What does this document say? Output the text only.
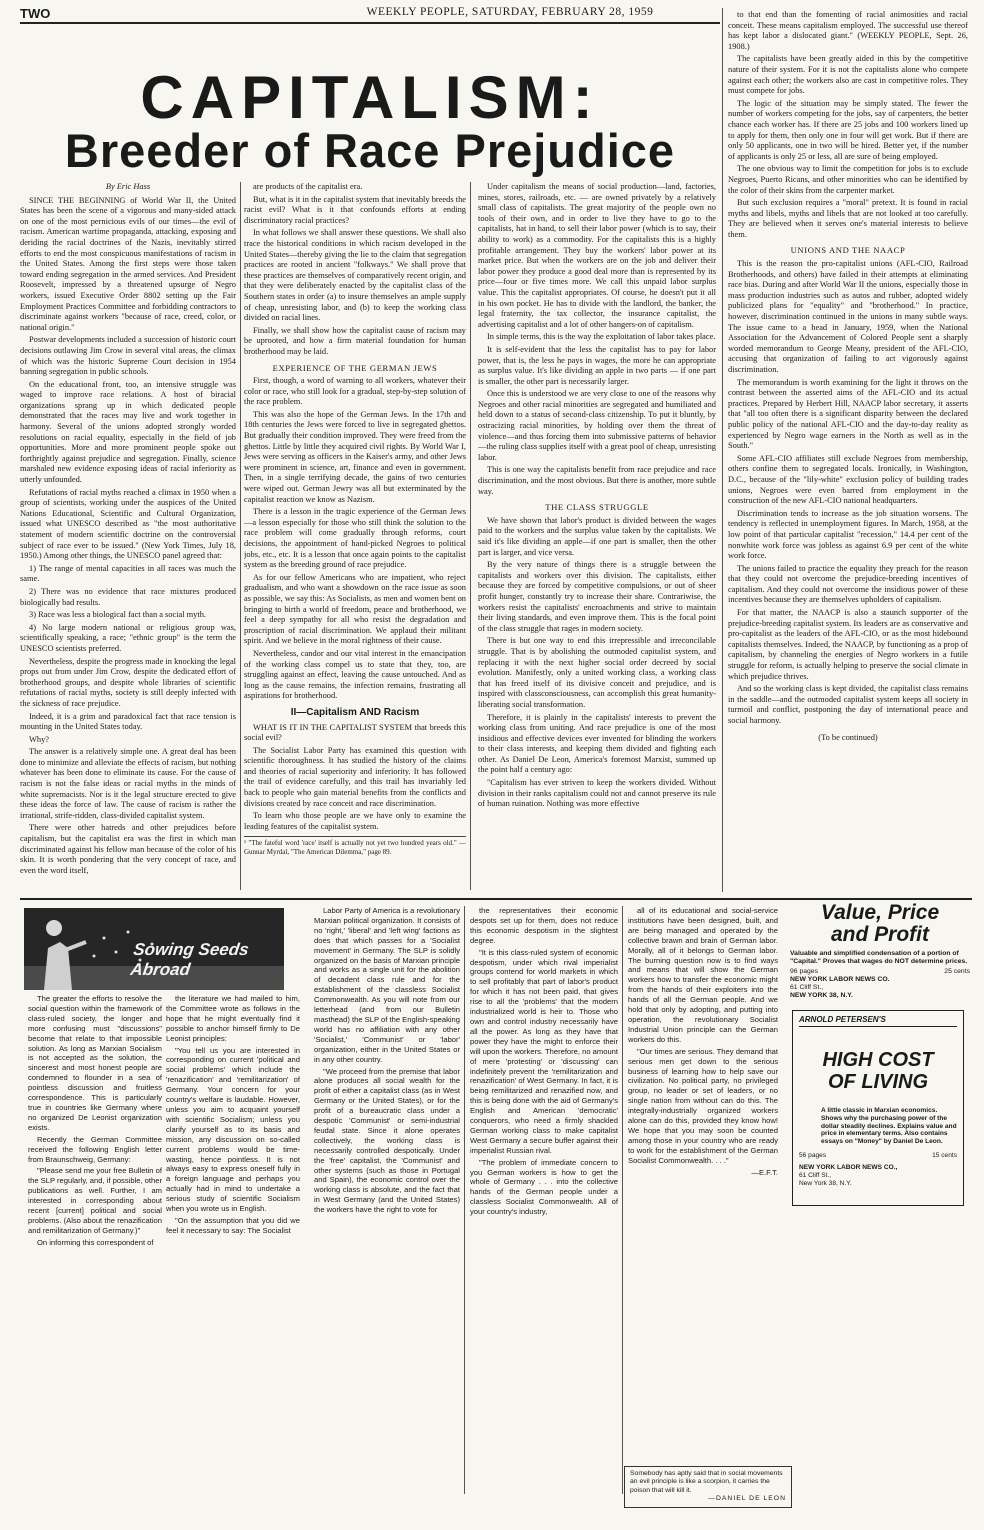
TWO	WEEKLY PEOPLE, SATURDAY, FEBRUARY 28, 1959
CAPITALISM:
Breeder of Race Prejudice

By Eric Hass

SINCE THE BEGINNING of World War II, the United States has been the scene of a vigorous and many-sided attack on one of the most pernicious evils of our times—the evil of racism. American wartime propaganda, attacking, exposing and deriding the racial doctrines of the Nazis, inevitably stirred efforts to end the most conspicuous manifestations of racism in the United States. Among the first steps were those taken toward ending segregation in the armed services. And President Roosevelt, impressed by a threatened upsurge of Negro workers, issued Executive Order 8802 setting up the Fair Employment Practices Committee and forbidding contractors to discriminate against workers "because of race, creed, color, or national origin."

Postwar developments included a succession of historic court decisions outlawing Jim Crow in several vital areas, the climax of which was the historic Supreme Court decision in 1954 banning segregation in public schools.

On the educational front, too, an intensive struggle was waged to improve race relations. A host of biracial organizations sprang up in which dedicated people demonstrated that the races may live and work together in harmony. Several of the unions adopted strongly worded resolutions on racial equality, especially in the field of job opportunities. More and more prominent people spoke out forthrightly against prejudice and segregation. Finally, science marshaled new evidence exposing ideas of racial inferiority as utterly unfounded.

Refutations of racial myths reached a climax in 1950 when a group of scientists, working under the auspices of the United Nations Educational, Scientific and Cultural Organization, issued what UNESCO described as "the most authoritative statement of modern scientific doctrine on the controversial subject of race ever to be issued." (New York Times, July 18, 1950.) Among other things, the UNESCO panel agreed that:

1) The range of mental capacities in all races was much the same.

2) There was no evidence that race mixtures produced biologically bad results.

3) Race was less a biological fact than a social myth.

4) No large modern national or religious group was, scientifically speaking, a race; "ethnic group" is the term the UNESCO scientists preferred.

Nevertheless, despite the progress made in knocking the legal props out from under Jim Crow, despite the dedicated effort of brotherhood groups, and despite whole libraries of scientific refutations of racial myths, society is still deeply infected with the sickness of race prejudice.

Indeed, it is a grim and paradoxical fact that race tension is mounting in the United States today.

Why?

The answer is a relatively simple one. A great deal has been done to minimize and alleviate the effects of racism, but nothing whatever has been done to eliminate its cause. For the cause of racism is not the false ideas or racial myths in the minds of white supremacists. Nor is it the legal structure erected to give these ideas the force of law. The cause of racism is rather the irrational, strife-ridden, class-divided capitalist system.

There were other hatreds and other prejudices before capitalism, but the capitalist era was the first in which man discriminated against his fellow man because of the color of his skin. It is worth pondering that the very concept of race, and even the word itself,

are products of the capitalist era.

But, what is it in the capitalist system that inevitably breeds the racist evil? What is it that confounds efforts at ending discriminatory racial practices?

In what follows we shall answer these questions. We shall also trace the historical conditions in which racism developed in the United States—thereby giving the lie to the claim that segregation practices are rooted in ancient "folkways." We shall prove that these practices are themselves of comparatively recent origin, and that they were deliberately enacted by the capitalist class of the Southern states in order (a) to insure themselves an ample supply of cheap, unresisting labor, and (b) to keep the working class divided on racial lines.

Finally, we shall show how the capitalist cause of racism may be uprooted, and how a firm material foundation for human brotherhood may be laid.

EXPERIENCE OF THE GERMAN JEWS

First, though, a word of warning to all workers, whatever their color or race, who still look for a gradual, step-by-step solution of the race problem.

This was also the hope of the German Jews. In the 17th and 18th centuries the Jews were forced to live in segregated ghettos. But gradually their condition improved. They were freed from the ghettos. Little by little they acquired civil rights. By World War I, Jews were serving as officers in the Kaiser's army, and other Jews were prominent in science, art, finance and even in government. Then, in a single terrifying decade, the gains of two centuries were wiped out. German Jewry was all but exterminated by the capitalist reaction we know as Nazism.

There is a lesson in the tragic experience of the German Jews—a lesson especially for those who still think the solution to the race problem will come gradually through reforms, court decisions, the appointment of hand-picked Negroes to political jobs, etc., etc. It is a lesson that once again points to the capitalist system as the breeding ground of race prejudice.

As for our fellow Americans who are impatient, who reject gradualism, and who want a showdown on the race issue as soon as possible, we say this: As Socialists, as men and women bent on bringing to birth a world of freedom, peace and brotherhood, we feel a deep sympathy for all who resist the degradation and proscription of racial discrimination. We applaud their militant spirit. And we believe in the moral rightness of their cause.

Nevertheless, candor and our vital interest in the emancipation of the working class compel us to state that they, too, are struggling against an effect, leaving the cause untouched. And as long as the cause remains, the infection remains, frustrating all aspirations for brotherhood.

II—Capitalism AND Racism

WHAT IS IT IN THE CAPITALIST SYSTEM that breeds this social evil?

The Socialist Labor Party has examined this question with scientific thoroughness. It has studied the history of the claims and theories of racial superiority and inferiority. It has followed the trail of evidence carefully, and this trail has invariably led back to people who gain material benefits from the conflicts and divisions created by race conceit and race discrimination.

To learn who those people are we have only to examine the leading features of the capitalist system.

¹ "The fateful word 'race' itself is actually not yet two hundred years old." — Gunnar Myrdal, "The American Dilemma," page 89.

Under capitalism the means of social production—land, factories, mines, stores, railroads, etc. — are owned privately by a relatively small class of capitalists. The great majority of the people own no tools of their own, and in order to live they have to go to the capitalists, hat in hand, to sell their labor power (which is to say, their ability to work) as a commodity. For the capitalists this is a highly profitable arrangement. They buy the workers' labor power at its market price. But when the workers are on the job and deliver their labor power they produce a good deal more than is represented by its price—four or five times more. We call this unpaid labor surplus value. This the capitalist appropriates. Of course, he doesn't put it all in his own pocket. He has to divide with the landlord, the banker, the legal fraternity, the tax collector, the insurance capitalist, the advertising capitalist and a lot of other hangers-on of capitalism.

In simple terms, this is the way the exploitation of labor takes place.

It is self-evident that the less the capitalist has to pay for labor power, that is, the less he pays in wages, the more he can appropriate as surplus value. It's like dividing an apple in two parts — if one part is smaller, the other part is necessarily larger.

Once this is understood we are very close to one of the reasons why Negroes and other racial minorities are segregated and humiliated and held down to a status of second-class citizenship. To put it bluntly, by ostracizing racial minorities, by holding over them the threat of violence—and thus forcing them into submissive patterns of behavior—the ruling class supplies itself with a great pool of cheap, unresisting labor.

This is one way the capitalists benefit from race prejudice and race discrimination, and the most obvious. But there is another, more subtle way.

THE CLASS STRUGGLE

We have shown that labor's product is divided between the wages paid to the workers and the surplus value taken by the capitalists. We said it's like dividing an apple—if one part is smaller, then the other part is larger, and vice versa.

By the very nature of things there is a struggle between the capitalists and workers over this division. The capitalists, either because they are forced by competitive compulsions, or out of sheer profit hunger, constantly try to increase their share. Contrariwise, the workers resist the capitalists' encroachments and strive to maintain their living standards, and even improve them. This is the focal point of the class struggle that rages in modern society.

There is but one way to end this irrepressible and irreconcilable struggle. That is by abolishing the outmoded capitalist system, and replacing it with the next higher social order decreed by social evolution. Manifestly, only a united working class, a working class that has freed itself of its divisive conceit and prejudice, and is inspired with classconsciousness, can accomplish this great humanity-liberating social transformation.

Therefore, it is plainly in the capitalists' interests to prevent the working class from uniting. And race prejudice is one of the most insidious and effective devices ever invented for blinding the workers to their class interests, and keeping them divided and fighting each other. As Daniel De Leon, America's foremost Marxist, summed up the point half a century ago:

"Capitalism has ever striven to keep the workers divided. Without division in their ranks capitalism could not and cannot preserve its rule of human ruination. Nothing was more effective

to that end than the fomenting of racial animosities and racial conceit. These means capitalism employed. The successful use thereof has kept labor a dislocated giant." (WEEKLY PEOPLE, Sept. 26, 1908.)

The capitalists have been greatly aided in this by the competitive nature of their system. For it is not the capitalists alone who compete against each other; the workers also are cast in competitive roles. They must compete for jobs.

The logic of the situation may be simply stated. The fewer the number of workers competing for the jobs, say of carpenters, the better chance each worker has. If there are 25 jobs and 100 workers lined up to apply for them, then only one in four will get work. But if there are only 50 applicants, one in two will be hired. Better yet, if the number of applicants is only 25 or less, all are sure of being employed.

The one obvious way to limit the competition for jobs is to exclude Negroes, Puerto Ricans, and other minorities who can be identified by the color of their skins from the carpenter market.

But such exclusion requires a "moral" pretext. It is found in racial myths and libels, myths and libels that are not looked at too carefully. They are believed when it serves one's material interests to believe them.

UNIONS AND THE NAACP

This is the reason the pro-capitalist unions (AFL-CIO, Railroad Brotherhoods, and others) have failed in their attempts at eliminating race bias. During and after World War II the unions, especially those in mass production industries such as autos and rubber, adopted widely publicized plans for "equality" and "brotherhood." In practice, however, discrimination continued in the unions in many subtle ways. The issue came to a head in January, 1959, when the National Association for the Advancement of Colored People sent a sharply worded memorandum to George Meany, president of the AFL-CIO, accusing that organization of failing to act vigorously against discrimination.

The memorandum is worth examining for the light it throws on the contrast between the asserted aims of the AFL-CIO and its actual practices. Prepared by Herbert Hill, NAACP labor secretary, it asserts that "all too often there is a significant disparity between the declared public policy of the national AFL-CIO and the day-to-day reality as experienced by Negro wage earners in the North as well as in the South."

Some AFL-CIO affiliates still exclude Negroes from membership, others confine them to segregated locals. Ironically, in Washington, D.C., because of the "lily-white" exclusion policy of building trades unions, Negroes were even barred from employment in the construction of the new AFL-CIO national headquarters.

Discrimination tends to increase as the job situation worsens. The tendency is reflected in unemployment figures. In March, 1958, at the low point of that particular capitalist "recession," 14.4 per cent of the nonwhite work force was jobless as against 6.9 per cent of the white work force.

The unions failed to practice the equality they preach for the reason that they could not overcome the prejudice-breeding incentives of capitalism. And they could not overcome the insidious power of these incentives because they are themselves upholders of capitalism.

For that matter, the NAACP is also a staunch supporter of the prejudice-breeding capitalist system. Its leaders are as conservative and pro-capitalist as the leaders of the AFL-CIO, or as the most hidebound capitalists themselves. Indeed, the NAACP, by functioning as a prop of capitalism, by channeling the energies of Negro workers in a futile struggle for reform, is actually helping to preserve the social climate in which prejudice thrives.

And so the working class is kept divided, the capitalist class remains in the saddle—and the outmoded capitalist system keeps all society in turmoil and conflict, postponing the day of international peace and social harmony.

(To be continued)

Sowing Seeds Abroad

The greater the efforts to resolve the social question within the framework of class-ruled society, the longer and more confusing must "discussions" become that relate to that impossible solution. As long as Marxian Socialism is not accepted as the solution, the sincerest and most honest people are condemned to flounder in a sea of pointless discussion and fruitless correspondence. This is particularly true in countries like Germany where no organized De Leonist organization exists.

Recently the German Committee received the following English letter from Braunschweig, Germany:

"Please send me your free Bulletin of the SLP regularly, and, if possible, other publications as well. Further, I am interested in corresponding about recent [current] political and social problems. (Also about the renazification and remilitarization of Germany.)"

On informing this correspondent of

the literature we had mailed to him, the Committee wrote as follows in the hope that he might eventually find it possible to anchor himself firmly to De Leonist principles:

"You tell us you are interested in corresponding on current 'political and social problems' which include the 'renazification' and 'remilitarization' of Germany. Your concern for your country's welfare is laudable. However, unless you aim to acquaint yourself with scientific Socialism; unless you clarify yourself as to its basis and mission, any discussion on so-called current problems would be time-wasting, hence pointless. It is not always easy to express oneself fully in a foreign language and perhaps you actually had in mind to undertake a serious study of scientific Socialism when you wrote us in English.

"On the assumption that you did we feel it necessary to say: The Socialist

Labor Party of America is a revolutionary Marxian political organization. It consists of no 'right,' 'liberal' and 'left wing' factions as does that which passes for a 'Socialist movement' in Germany. The SLP is solidly organized on the basis of Marxian principle and works as a single unit for the abolition of decadent class rule and for the establishment of the classless Socialist Commonwealth. As you will note from our letterhead (and from our Bulletin masthead) the SLP of the English-speaking world has no affiliation with any other 'Socialist,' 'Communist' or 'labor' organization, either in the United States or in any other country.

"We proceed from the premise that labor alone produces all social wealth for the profit of either a capitalist class (as in West Germany or the United States), or for the profit of a bureaucratic class under a despotic 'Communist' or semi-industrial feudal state. Since it alone operates collectively, the working class is necessarily controlled despotically. Under the 'free' capitalist, the 'Communist' and other systems (such as those in Portugal and Spain), the economic control over the working class is absolute, and the fact that in West Germany (and the United States) the workers have the right to vote for

the representatives their economic despots set up for them, does not reduce this economic despotism in the slightest degree.

"It is this class-ruled system of economic despotism, under which rival imperialist groups contend for world markets in which to sell profitably that part of labor's product for which it has not been paid, that gives rise to all the 'problems' that the modern industrialized world is heir to. Those who own and control industry necessarily have all the power. As long as they have that power they have the might to enforce their will upon the workers. Therefore, no amount of mere 'protesting' or 'discussing' can indefinitely prevent the 'remilitarization and renazification' of West Germany. In fact, it is being remilitarized and renazified now, and this is being done with the aid of Germany's English and American 'democratic' conquerors, who need a firmly shackled German working class to make capitalist West Germany a secure buffer against their imperialist Russian rival.

"The problem of immediate concern to you German workers is how to get the whole of Germany . . . into the collective hands of the German people under a classless Socialist Commonwealth. All of your country's industry,

all of its educational and social-service institutions have been designed, built, and are being managed and operated by the collective brawn and brain of German labor. Morally, all of it belongs to German labor. The burning question now is to find ways and means that will show the German workers how to transfer the economic might from the hands of their exploiters into the hands of all the German people. And we hold that only by adopting, and putting into operation, the revolutionary Socialist Industrial Union principle can the German workers do this.

"Our times are serious. They demand that serious men get down to the serious business of learning how to help save our civilization. No political party, no privileged group, no leader or set of leaders, or no single nation from without can do this. The integrally-industrially organized workers alone can do this, provided they know how! We hope that you may soon be counted among those in your country who are ready to work for the establishment of the German Socialist Commonwealth. . . ."

—E.F.T.

Somebody has aptly said that in social movements an evil principle is like a scorpion, it carries the poison that will kill it.
—DANIEL DE LEON
Value, Price
and Profit
Valuable and simplified condensation of a portion of "Capital." Proves that wages do NOT determine prices.
96 pages	25 cents
NEW YORK LABOR NEWS CO.
61 Cliff St.,
NEW YORK 38, N.Y.
ARNOLD PETERSEN'S
HIGH COST
OF LIVING
A little classic in Marxian economics. Shows why the purchasing power of the dollar steadily declines. Explains value and price in elementary terms. Also contains essays on "Money" by Daniel De Leon.
56 pages	15 cents
NEW YORK LABOR NEWS CO.,
61 Cliff St.,
New York 38, N.Y.
